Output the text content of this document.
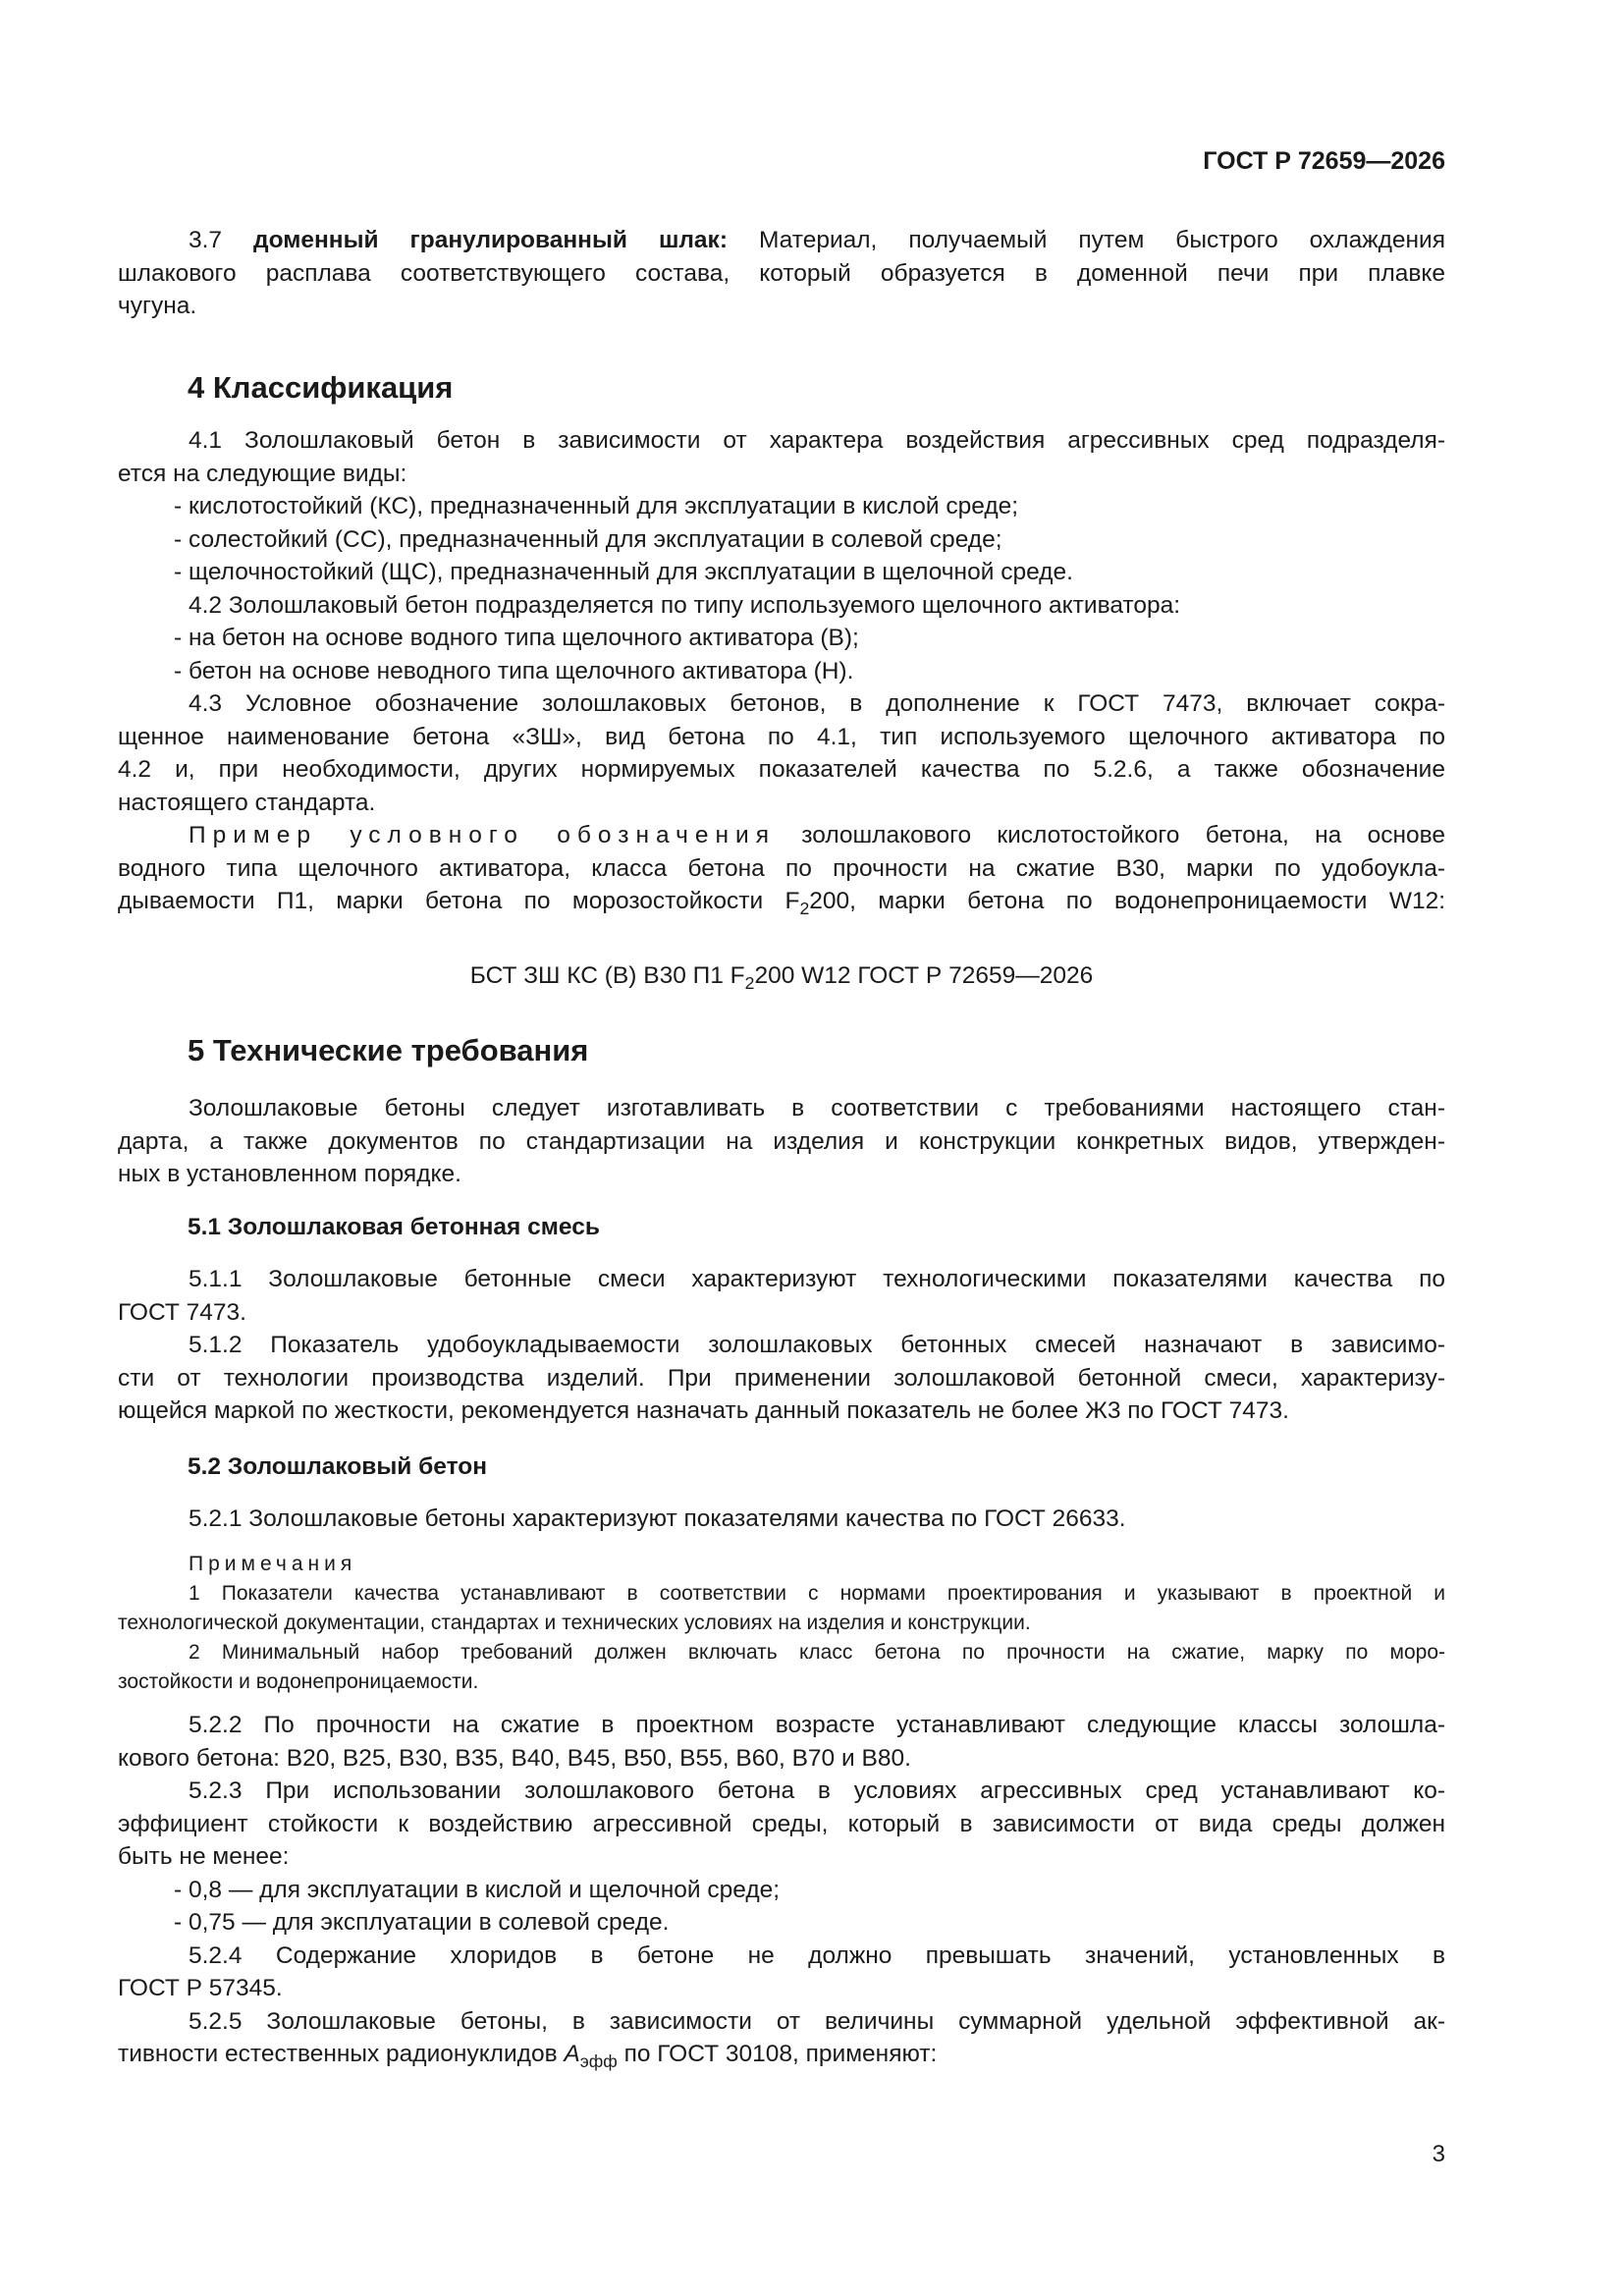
ГОСТ Р 72659—2026

3.7 доменный гранулированный шлак: Материал, получаемый путем быстрого охлаждения

шлакового расплава соответствующего состава, который образуется в доменной печи при плавке

чугуна.

4 Классификация

4.1 Золошлаковый бетон в зависимости от характера воздействия агрессивных сред подразделя-

ется на следующие виды:

- кислотостойкий (КС), предназначенный для эксплуатации в кислой среде;

- солестойкий (СС), предназначенный для эксплуатации в солевой среде;

- щелочностойкий (ЩС), предназначенный для эксплуатации в щелочной среде.

4.2 Золошлаковый бетон подразделяется по типу используемого щелочного активатора:

- на бетон на основе водного типа щелочного активатора (В);

- бетон на основе неводного типа щелочного активатора (Н).

4.3 Условное обозначение золошлаковых бетонов, в дополнение к ГОСТ 7473, включает сокра-

щенное наименование бетона «ЗШ», вид бетона по 4.1, тип используемого щелочного активатора по

4.2 и, при необходимости, других нормируемых показателей качества по 5.2.6, а также обозначение

настоящего стандарта.

Пример условного обозначения золошлакового кислотостойкого бетона, на основе

водного типа щелочного активатора, класса бетона по прочности на сжатие В30, марки по удобоукла-

дываемости П1, марки бетона по морозостойкости $F_2200$, марки бетона по водонепроницаемости W12:

БСТ ЗШ КС (В) В30 П1 $F_2200$ W12 ГОСТ Р 72659—2026
5 Технические требования

Золошлаковые бетоны следует изготавливать в соответствии с требованиями настоящего стан-

дарта, а также документов по стандартизации на изделия и конструкции конкретных видов, утвержден-

ных в установленном порядке.

5.1 Золошлаковая бетонная смесь

5.1.1 Золошлаковые бетонные смеси характеризуют технологическими показателями качества по

ГОСТ 7473.

5.1.2 Показатель удобоукладываемости золошлаковых бетонных смесей назначают в зависимо-

сти от технологии производства изделий. При применении золошлаковой бетонной смеси, характеризу-

ющейся маркой по жесткости, рекомендуется назначать данный показатель не более Ж3 по ГОСТ 7473.

5.2 Золошлаковый бетон

5.2.1 Золошлаковые бетоны характеризуют показателями качества по ГОСТ 26633.

Примечания

1 Показатели качества устанавливают в соответствии с нормами проектирования и указывают в проектной и

технологической документации, стандартах и технических условиях на изделия и конструкции.

2 Минимальный набор требований должен включать класс бетона по прочности на сжатие, марку по моро-

зостойкости и водонепроницаемости.

5.2.2 По прочности на сжатие в проектном возрасте устанавливают следующие классы золошла-

кового бетона: В20, В25, В30, В35, В40, В45, В50, В55, В60, В70 и В80.

5.2.3 При использовании золошлакового бетона в условиях агрессивных сред устанавливают ко-

эффициент стойкости к воздействию агрессивной среды, который в зависимости от вида среды должен

быть не менее:

- 0,8 — для эксплуатации в кислой и щелочной среде;

- 0,75 — для эксплуатации в солевой среде.

5.2.4 Содержание хлоридов в бетоне не должно превышать значений, установленных в

ГОСТ Р 57345.

5.2.5 Золошлаковые бетоны, в зависимости от величины суммарной удельной эффективной ак-

тивности естественных радионуклидов $A_{эфф}$ по ГОСТ 30108, применяют:

3
